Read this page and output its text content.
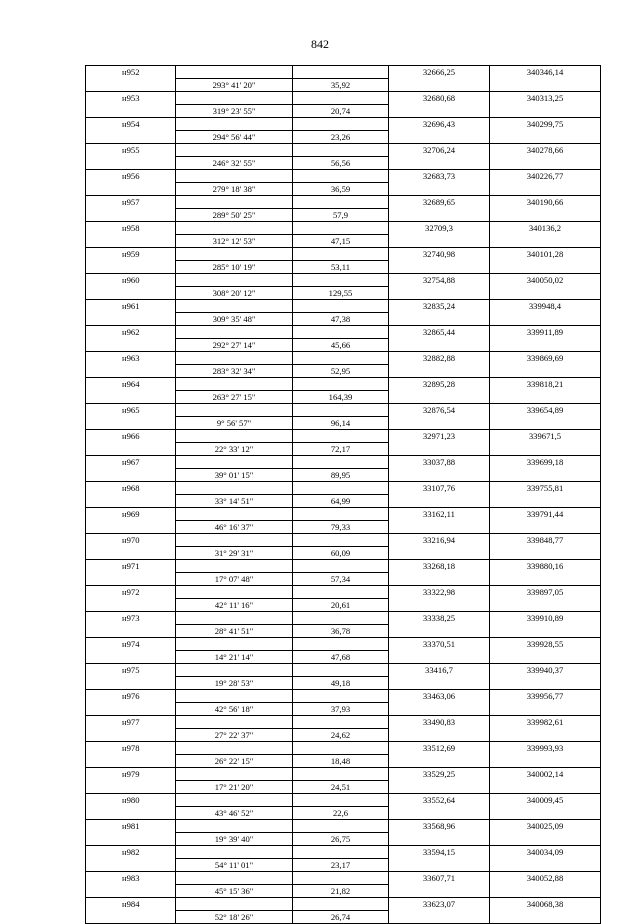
842
н952			32666,25	340346,14
	293° 41' 20"	35,92		
н953			32680,68	340313,25
	319° 23' 55"	20,74		
н954			32696,43	340299,75
	294° 56' 44"	23,26		
н955			32706,24	340278,66
	246° 32' 55"	56,56		
н956			32683,73	340226,77
	279° 18' 38"	36,59		
н957			32689,65	340190,66
	289° 50' 25"	57,9		
н958			32709,3	340136,2
	312° 12' 53"	47,15		
н959			32740,98	340101,28
	285° 10' 19"	53,11		
н960			32754,88	340050,02
	308° 20' 12"	129,55		
н961			32835,24	339948,4
	309° 35' 48"	47,38		
н962			32865,44	339911,89
	292° 27' 14"	45,66		
н963			32882,88	339869,69
	283° 32' 34"	52,95		
н964			32895,28	339818,21
	263° 27' 15"	164,39		
н965			32876,54	339654,89
	9° 56' 57"	96,14		
н966			32971,23	339671,5
	22° 33' 12"	72,17		
н967			33037,88	339699,18
	39° 01' 15"	89,95		
н968			33107,76	339755,81
	33° 14' 51"	64,99		
н969			33162,11	339791,44
	46° 16' 37"	79,33		
н970			33216,94	339848,77
	31° 29' 31"	60,09		
н971			33268,18	339880,16
	17° 07' 48"	57,34		
н972			33322,98	339897,05
	42° 11' 16"	20,61		
н973			33338,25	339910,89
	28° 41' 51"	36,78		
н974			33370,51	339928,55
	14° 21' 14"	47,68		
н975			33416,7	339940,37
	19° 28' 53"	49,18		
н976			33463,06	339956,77
	42° 56' 18"	37,93		
н977			33490,83	339982,61
	27° 22' 37"	24,62		
н978			33512,69	339993,93
	26° 22' 15"	18,48		
н979			33529,25	340002,14
	17° 21' 20"	24,51		
н980			33552,64	340009,45
	43° 46' 52"	22,6		
н981			33568,96	340025,09
	19° 39' 40"	26,75		
н982			33594,15	340034,09
	54° 11' 01"	23,17		
н983			33607,71	340052,88
	45° 15' 36"	21,82		
н984			33623,07	340068,38
	52° 18' 26"	26,74		
